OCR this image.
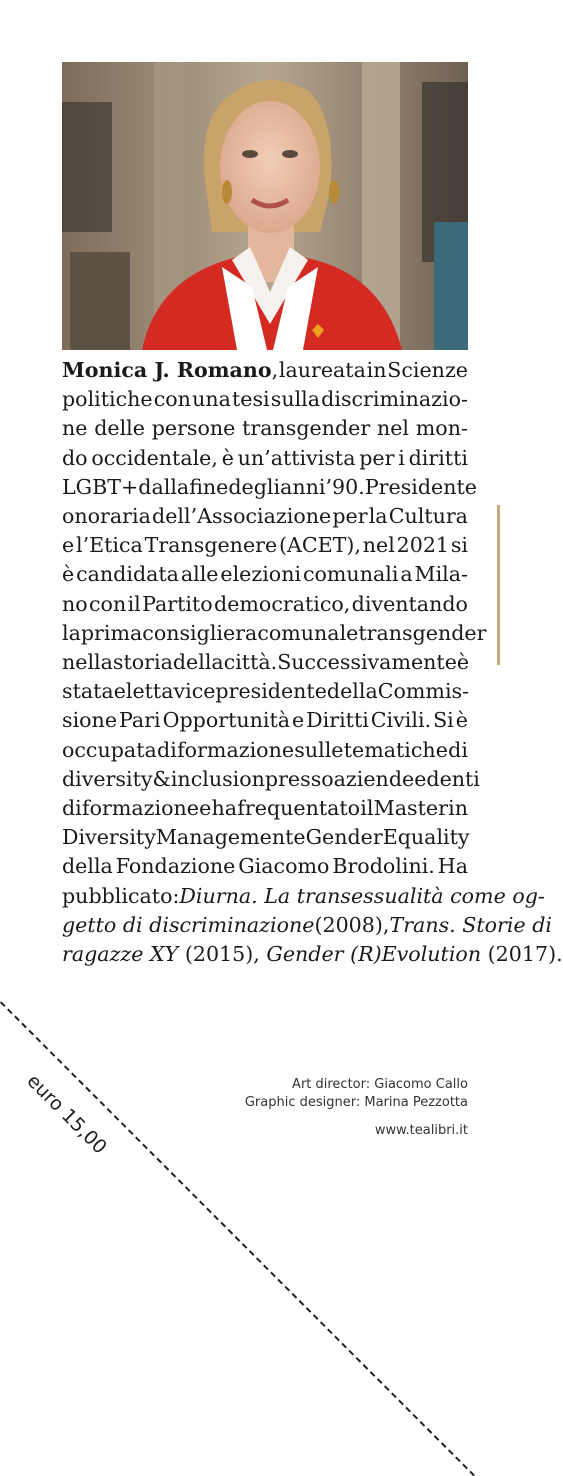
Monica J. Romano, laureata in Scienze
politiche con una tesi sulla discriminazio-
ne delle persone transgender nel mon-
do occidentale, è un’attivista per i diritti
LGBT+ dalla fine degli anni ’90. Presidente
onoraria dell’Associazione per la Cultura
e l’Etica Transgenere (ACET), nel 2021 si
è candidata alle elezioni comunali a Mila-
no con il Partito democratico, diventando
la prima consigliera comunale transgender
nella storia della città. Successivamente è
stata eletta vicepresidente della Commis-
sione Pari Opportunità e Diritti Civili. Si è
occupata di formazione sulle tematiche di
diversity & inclusion presso aziende ed enti
di formazione e ha frequentato il Master in
Diversity Management e Gender Equality
della Fondazione Giacomo Brodolini. Ha
pubblicato: Diurna. La transessualità come og-
getto di discriminazione (2008), Trans. Storie di
ragazze XY (2015), Gender (R)Evolution (2017).
euro 15,00	Art director: Giacomo Callo
Graphic designer: Marina Pezzotta
www.tealibri.it
